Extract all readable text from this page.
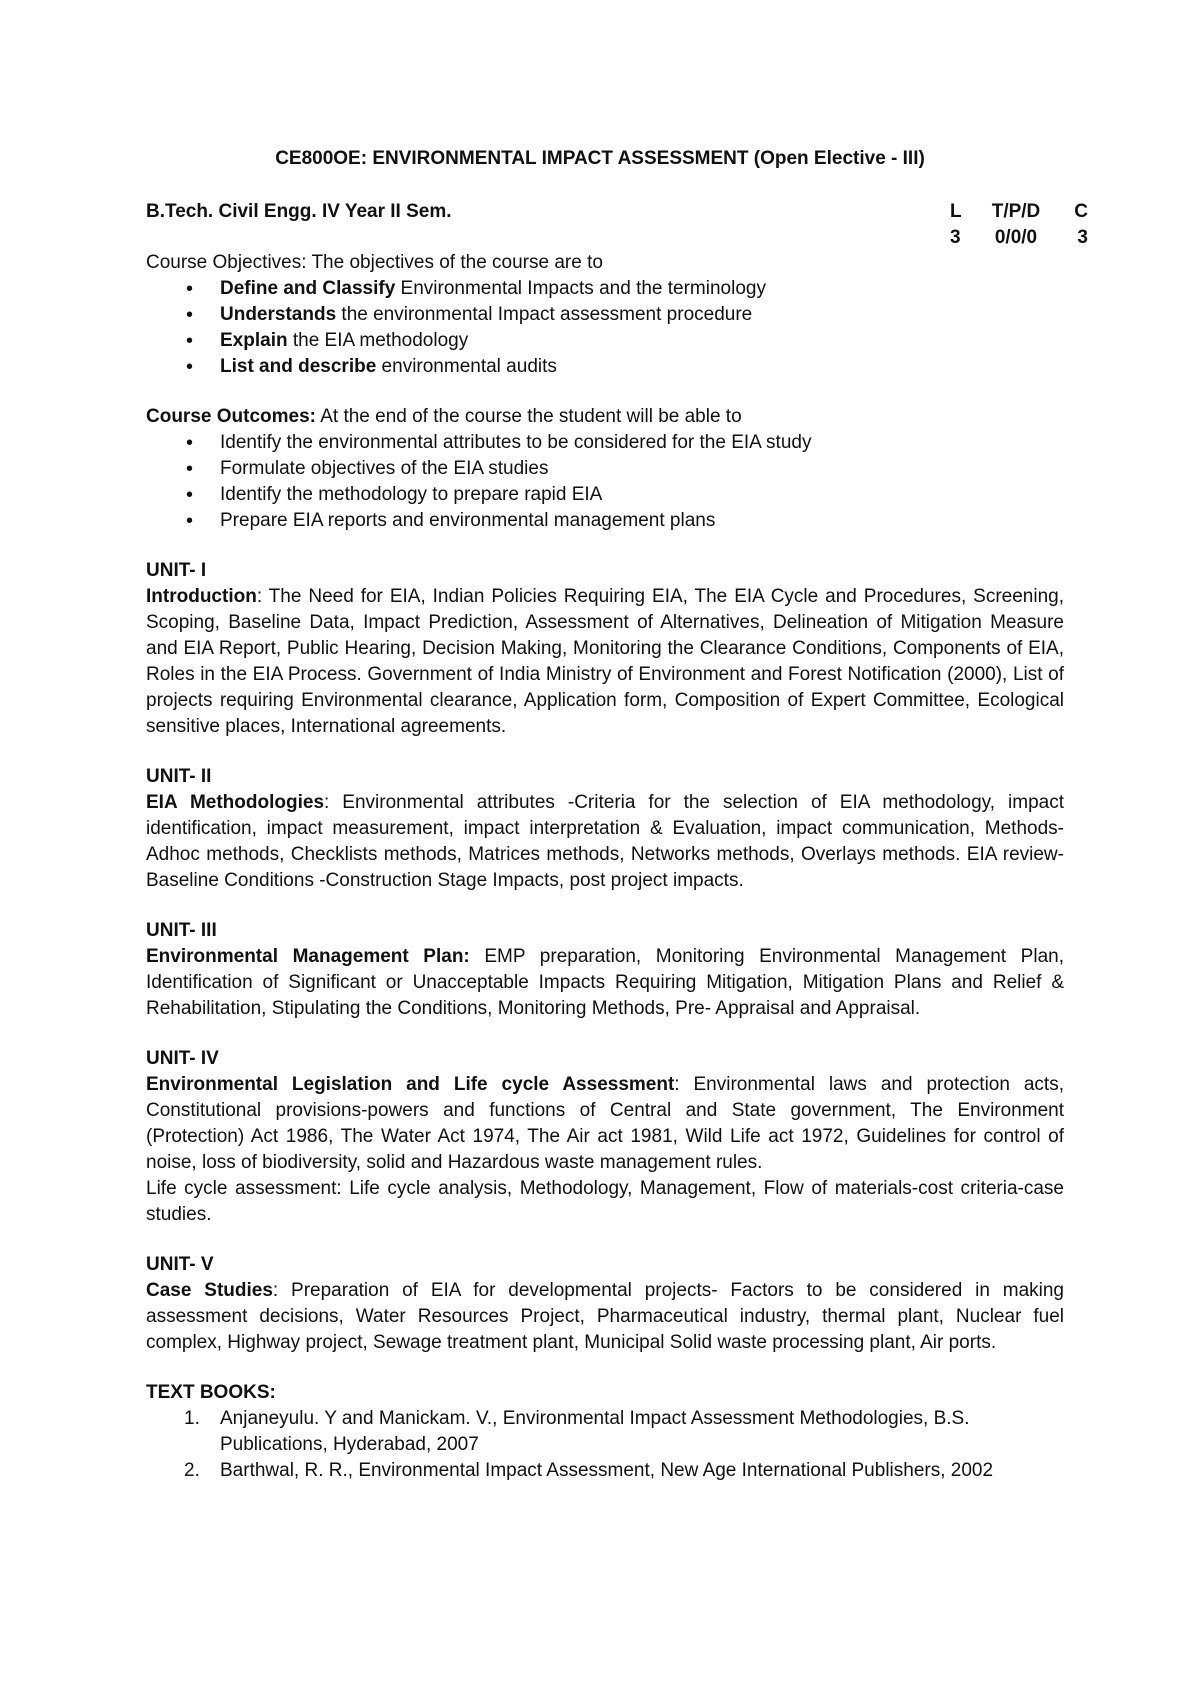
CE800OE: ENVIRONMENTAL IMPACT ASSESSMENT (Open Elective - III)

B.Tech. Civil Engg. IV Year II Sem.	L	T/P/D	C
3	0/0/0	3

Course Objectives: The objectives of the course are to

• Define and Classify Environmental Impacts and the terminology
• Understands the environmental Impact assessment procedure
• Explain the EIA methodology
• List and describe environmental audits

Course Outcomes: At the end of the course the student will be able to

• Identify the environmental attributes to be considered for the EIA study
• Formulate objectives of the EIA studies
• Identify the methodology to prepare rapid EIA
• Prepare EIA reports and environmental management plans

UNIT- I

Introduction: The Need for EIA, Indian Policies Requiring EIA, The EIA Cycle and Procedures, Screening, Scoping, Baseline Data, Impact Prediction, Assessment of Alternatives, Delineation of Mitigation Measure and EIA Report, Public Hearing, Decision Making, Monitoring the Clearance Conditions, Components of EIA, Roles in the EIA Process. Government of India Ministry of Environment and Forest Notification (2000), List of projects requiring Environmental clearance, Application form, Composition of Expert Committee, Ecological sensitive places, International agreements.

UNIT- II

EIA Methodologies: Environmental attributes -Criteria for the selection of EIA methodology, impact identification, impact measurement, impact interpretation & Evaluation, impact communication, Methods-Adhoc methods, Checklists methods, Matrices methods, Networks methods, Overlays methods. EIA review- Baseline Conditions -Construction Stage Impacts, post project impacts.

UNIT- III

Environmental Management Plan: EMP preparation, Monitoring Environmental Management Plan, Identification of Significant or Unacceptable Impacts Requiring Mitigation, Mitigation Plans and Relief & Rehabilitation, Stipulating the Conditions, Monitoring Methods, Pre- Appraisal and Appraisal.

UNIT- IV

Environmental Legislation and Life cycle Assessment: Environmental laws and protection acts, Constitutional provisions-powers and functions of Central and State government, The Environment (Protection) Act 1986, The Water Act 1974, The Air act 1981, Wild Life act 1972, Guidelines for control of noise, loss of biodiversity, solid and Hazardous waste management rules.

Life cycle assessment: Life cycle analysis, Methodology, Management, Flow of materials-cost criteria-case studies.

UNIT- V

Case Studies: Preparation of EIA for developmental projects- Factors to be considered in making assessment decisions, Water Resources Project, Pharmaceutical industry, thermal plant, Nuclear fuel complex, Highway project, Sewage treatment plant, Municipal Solid waste processing plant, Air ports.

TEXT BOOKS:

1. Anjaneyulu. Y and Manickam. V., Environmental Impact Assessment Methodologies, B.S. Publications, Hyderabad, 2007
2. Barthwal, R. R., Environmental Impact Assessment, New Age International Publishers, 2002
